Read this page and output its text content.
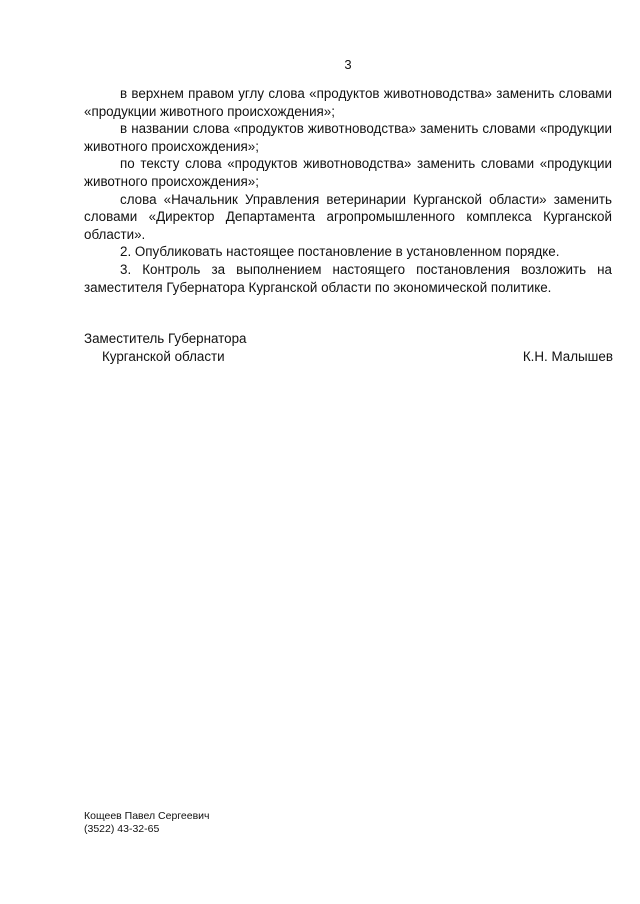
3

в верхнем правом углу слова «продуктов животноводства» заменить словами «продукции животного происхождения»;

в названии слова «продуктов животноводства» заменить словами «продукции животного происхождения»;

по тексту слова «продуктов животноводства» заменить словами «продукции животного происхождения»;

слова «Начальник Управления ветеринарии Курганской области» заменить словами «Директор Департамента агропромышленного комплекса Курганской области».

2. Опубликовать настоящее постановление в установленном порядке.

3. Контроль за выполнением настоящего постановления возложить на заместителя Губернатора Курганской области по экономической политике.

Заместитель Губернатора
Курганской области	К.Н. Малышев
Кощеев Павел Сергеевич
(3522) 43-32-65
